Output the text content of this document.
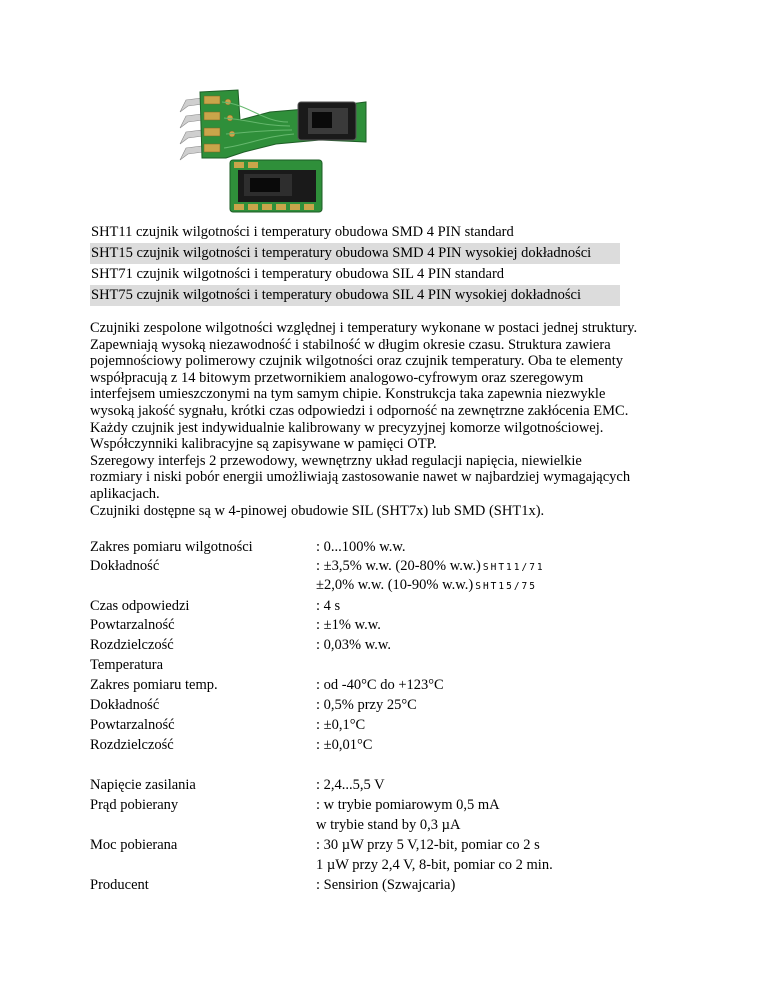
SHT11 czujnik wilgotności i temperatury obudowa SMD 4 PIN standard
SHT15 czujnik wilgotności i temperatury obudowa SMD 4 PIN wysokiej dokładności
SHT71 czujnik wilgotności i temperatury obudowa SIL 4 PIN standard
SHT75 czujnik wilgotności i temperatury obudowa SIL 4 PIN wysokiej dokładności

Czujniki zespolone wilgotności względnej i temperatury wykonane w postaci jednej struktury.

Zapewniają wysoką niezawodność i stabilność w długim okresie czasu. Struktura zawiera

pojemnościowy polimerowy czujnik wilgotności oraz czujnik temperatury. Oba te elementy

współpracują z 14 bitowym przetwornikiem analogowo-cyfrowym oraz szeregowym

interfejsem umieszczonymi na tym samym chipie. Konstrukcja taka zapewnia niezwykle

wysoką jakość sygnału, krótki czas odpowiedzi i odporność na zewnętrzne zakłócenia EMC.

Każdy czujnik jest indywidualnie kalibrowany w precyzyjnej komorze wilgotnościowej.

Współczynniki kalibracyjne są zapisywane w pamięci OTP.

Szeregowy interfejs 2 przewodowy, wewnętrzny układ regulacji napięcia, niewielkie

rozmiary i niski pobór energii umożliwiają zastosowanie nawet w najbardziej wymagających

aplikacjach.

Czujniki dostępne są w 4-pinowej obudowie SIL (SHT7x) lub SMD (SHT1x).

Zakres pomiaru wilgotności	: 0...100% w.w.
Dokładność	: ±3,5% w.w. (20-80% w.w.) SHT11/71
±2,0% w.w. (10-90% w.w.) SHT15/75
Czas odpowiedzi	: 4 s
Powtarzalność	: ±1% w.w.
Rozdzielczość	: 0,03% w.w.
Temperatura
Zakres pomiaru temp.	: od -40°C do +123°C
Dokładność	: 0,5% przy 25°C
Powtarzalność	: ±0,1°C
Rozdzielczość	: ±0,01°C
Napięcie zasilania	: 2,4...5,5 V
Prąd pobierany	: w trybie pomiarowym 0,5 mA
w trybie stand by 0,3 µA
Moc pobierana	: 30 µW przy 5 V,12-bit, pomiar co 2 s
1 µW przy 2,4 V, 8-bit, pomiar co 2 min.
Producent	: Sensirion (Szwajcaria)
